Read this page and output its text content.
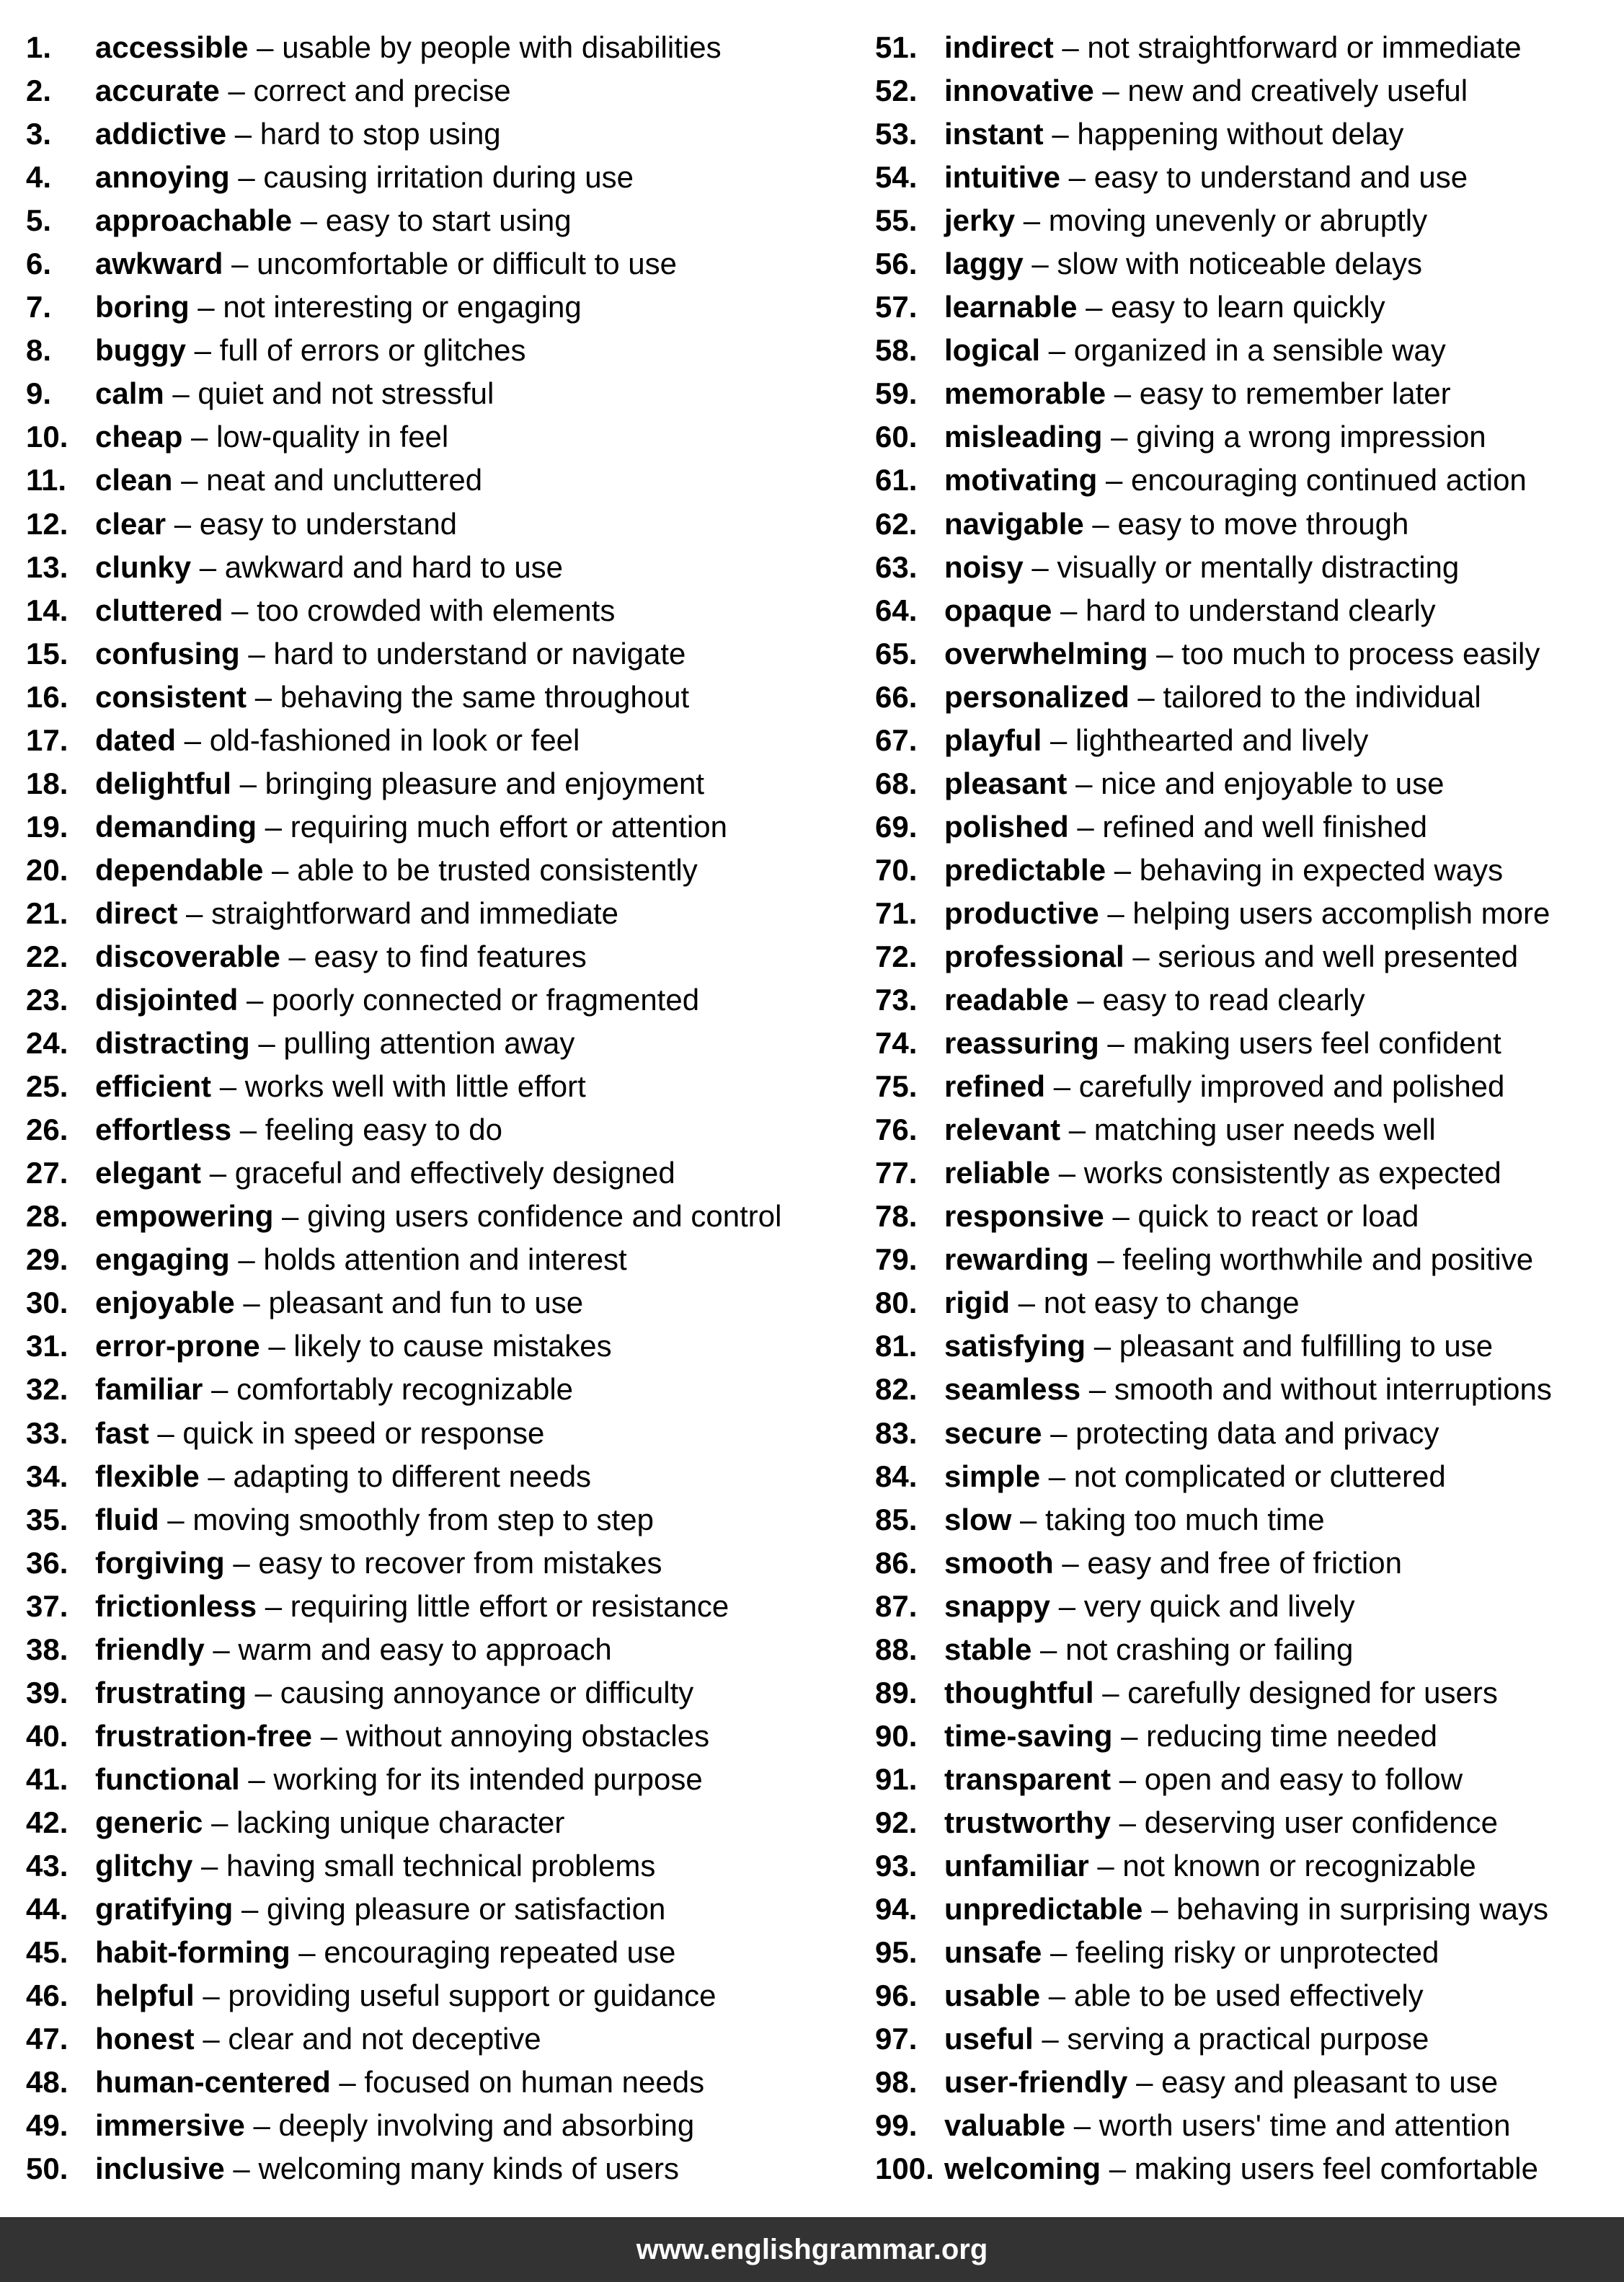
1.	accessible – usable by people with disabilities
2.	accurate – correct and precise
3.	addictive – hard to stop using
4.	annoying – causing irritation during use
5.	approachable – easy to start using
6.	awkward – uncomfortable or difficult to use
7.	boring – not interesting or engaging
8.	buggy – full of errors or glitches
9.	calm – quiet and not stressful
10. cheap – low-quality in feel
11. clean – neat and uncluttered
12. clear – easy to understand
13. clunky – awkward and hard to use
14. cluttered – too crowded with elements
15. confusing – hard to understand or navigate
16. consistent – behaving the same throughout
17. dated – old-fashioned in look or feel
18. delightful – bringing pleasure and enjoyment
19. demanding – requiring much effort or attention
20. dependable – able to be trusted consistently
21. direct – straightforward and immediate
22. discoverable – easy to find features
23. disjointed – poorly connected or fragmented
24. distracting – pulling attention away
25. efficient – works well with little effort
26. effortless – feeling easy to do
27. elegant – graceful and effectively designed
28. empowering – giving users confidence and control
29. engaging – holds attention and interest
30. enjoyable – pleasant and fun to use
31. error-prone – likely to cause mistakes
32. familiar – comfortably recognizable
33. fast – quick in speed or response
34. flexible – adapting to different needs
35. fluid – moving smoothly from step to step
36. forgiving – easy to recover from mistakes
37. frictionless – requiring little effort or resistance
38. friendly – warm and easy to approach
39. frustrating – causing annoyance or difficulty
40. frustration-free – without annoying obstacles
41. functional – working for its intended purpose
42. generic – lacking unique character
43. glitchy – having small technical problems
44. gratifying – giving pleasure or satisfaction
45. habit-forming – encouraging repeated use
46. helpful – providing useful support or guidance
47. honest – clear and not deceptive
48. human-centered – focused on human needs
49. immersive – deeply involving and absorbing
50. inclusive – welcoming many kinds of users
51. indirect – not straightforward or immediate
52. innovative – new and creatively useful
53. instant – happening without delay
54. intuitive – easy to understand and use
55. jerky – moving unevenly or abruptly
56. laggy – slow with noticeable delays
57. learnable – easy to learn quickly
58. logical – organized in a sensible way
59. memorable – easy to remember later
60. misleading – giving a wrong impression
61. motivating – encouraging continued action
62. navigable – easy to move through
63. noisy – visually or mentally distracting
64. opaque – hard to understand clearly
65. overwhelming – too much to process easily
66. personalized – tailored to the individual
67. playful – lighthearted and lively
68. pleasant – nice and enjoyable to use
69. polished – refined and well finished
70. predictable – behaving in expected ways
71. productive – helping users accomplish more
72. professional – serious and well presented
73. readable – easy to read clearly
74. reassuring – making users feel confident
75. refined – carefully improved and polished
76. relevant – matching user needs well
77. reliable – works consistently as expected
78. responsive – quick to react or load
79. rewarding – feeling worthwhile and positive
80. rigid – not easy to change
81. satisfying – pleasant and fulfilling to use
82. seamless – smooth and without interruptions
83. secure – protecting data and privacy
84. simple – not complicated or cluttered
85. slow – taking too much time
86. smooth – easy and free of friction
87. snappy – very quick and lively
88. stable – not crashing or failing
89. thoughtful – carefully designed for users
90. time-saving – reducing time needed
91. transparent – open and easy to follow
92. trustworthy – deserving user confidence
93. unfamiliar – not known or recognizable
94. unpredictable – behaving in surprising ways
95. unsafe – feeling risky or unprotected
96. usable – able to be used effectively
97. useful – serving a practical purpose
98. user-friendly – easy and pleasant to use
99. valuable – worth users' time and attention
100. welcoming – making users feel comfortable
www.englishgrammar.org
